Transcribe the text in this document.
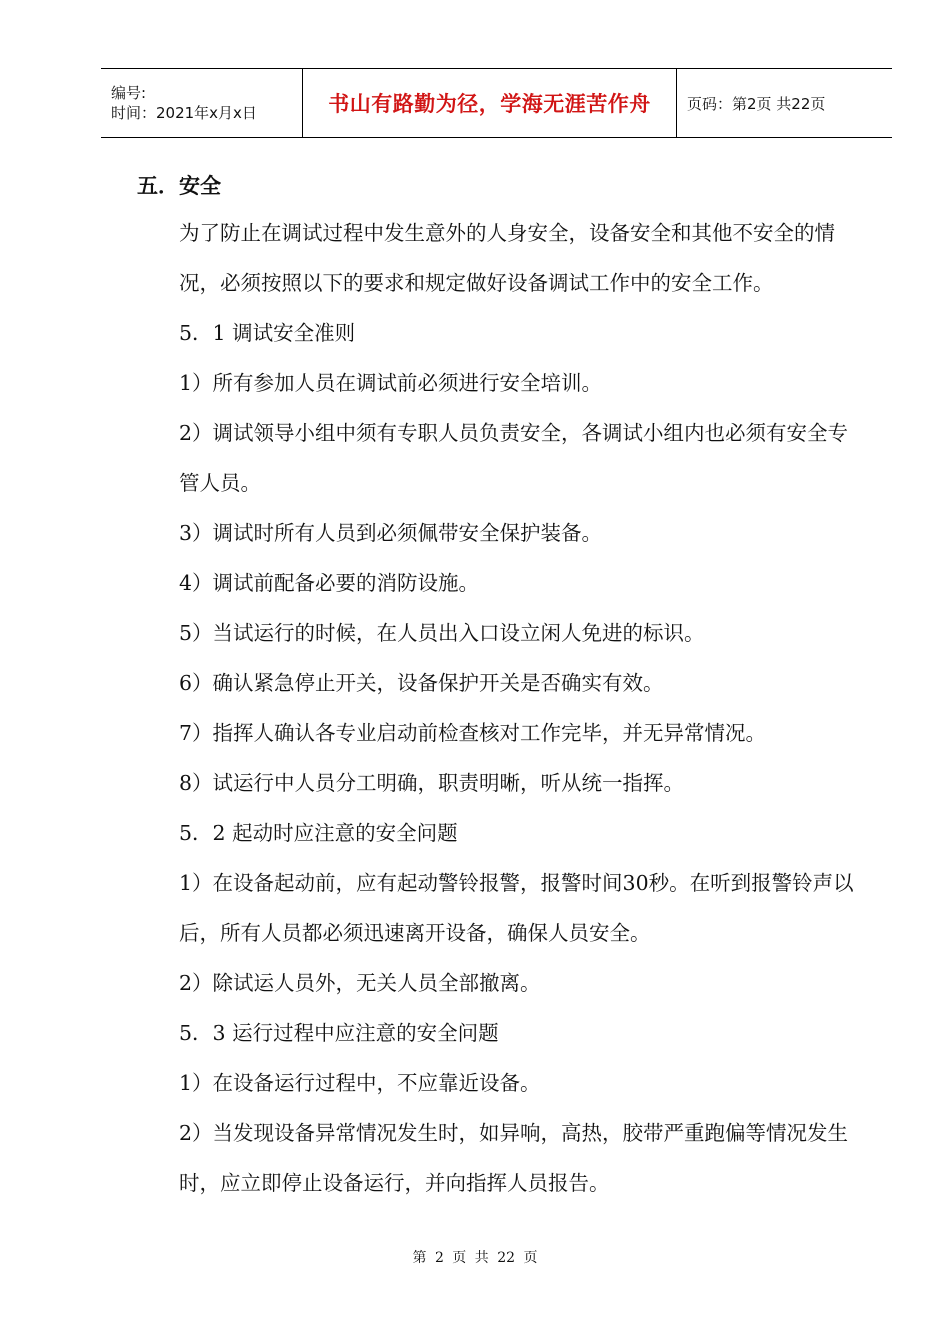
编号:
时间：2021年x月x日	书山有路勤为径，学海无涯苦作舟 页码：第2页 共22页
五．安全
为了防止在调试过程中发生意外的人身安全，设备安全和其他不安全的情况，必须按照以下的要求和规定做好设备调试工作中的安全工作。
5．1 调试安全准则
1）所有参加人员在调试前必须进行安全培训。
2）调试领导小组中须有专职人员负责安全，各调试小组内也必须有安全专管人员。
3）调试时所有人员到必须佩带安全保护装备。
4）调试前配备必要的消防设施。
5）当试运行的时候，在人员出入口设立闲人免进的标识。
6）确认紧急停止开关，设备保护开关是否确实有效。
7）指挥人确认各专业启动前检查核对工作完毕，并无异常情况。
8）试运行中人员分工明确，职责明晰，听从统一指挥。
5．2 起动时应注意的安全问题
1）在设备起动前，应有起动警铃报警，报警时间30秒。在听到报警铃声以后，所有人员都必须迅速离开设备，确保人员安全。
2）除试运人员外，无关人员全部撤离。
5．3 运行过程中应注意的安全问题
1）在设备运行过程中，不应靠近设备。
2）当发现设备异常情况发生时，如异响，高热，胶带严重跑偏等情况发生时，应立即停止设备运行，并向指挥人员报告。
第 2 页 共 22 页
